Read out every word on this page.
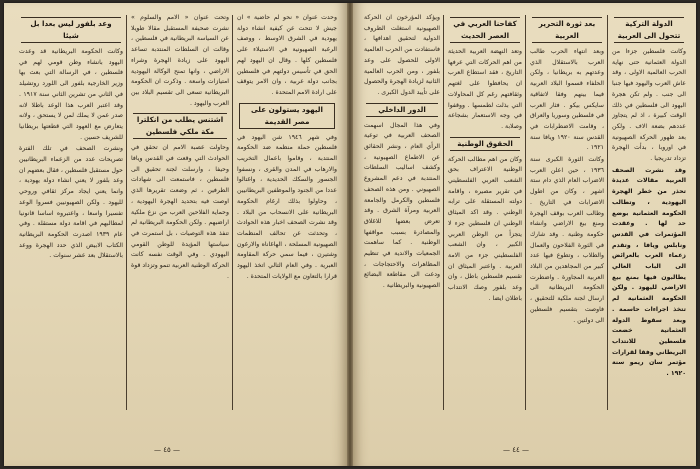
وحدت عنوان « نحو لم حاضية » ان جيش لا تتحت عن كيفية انشاء دولة يهودية في الشرق الاوسط ، ووصف الرغبة الصهيونية في الاستيلاء على فلسطين كلها . وقال ان اليهود لهم الحق في تأسيس دولتهم في فلسطين بجانب دولة عربية ، وان الامر يتوقف على ارادة الامم المتحدة .

اليهود يستولون على مصر القديمة

وفي شهر ١٩٤٦ شن اليهود في فلسطين حملة منظمة ضد الحكومة المنتدبة ، وقاموا باعمال التخريب والارهاب في المدن والقرى ، ونسفوا الجسور والسكك الحديدية ، واغتالوا عددا من الجنود والموظفين البريطانيين ، وحاولوا بذلك ارغام الحكومة البريطانية على الانسحاب من البلاد . وقد نشرت الصحف اخبار هذه الحوادث ، وتحدثت عن تحالف المنظمات الصهيونية المسلحة ، الهاغاناه والارغون وشتيرن ، فيما سمي حركة المقاومة العبرية . وفي العام التالي اتخذ اليهود قرارا بالتعاون مع الولايات المتحدة .

وتحت عنوان « الامم والسلوم » نشرت صحيفة المستقبل مقالا طويلا عن السياسة البريطانية في فلسطين ، وقالت ان السلطات المنتدبة تساعد اليهود على زيادة الهجرة وشراء الاراضي ، وانها تمنح الوكالة اليهودية امتيازات واسعة . وذكرت ان الحكومة البريطانية تسعى الى تقسيم البلاد بين العرب واليهود .

اشتنس يطلب من انكلترا مكة ملكي فلسطين

وحاولت عصبة الامم ان تحقق في الحوادث التي وقعت في القدس ويافا وحيفا ، وارسلت لجنة تحقيق الى فلسطين ، فاستمعت الى شهادات الطرفين ، ثم وضعت تقريرها الذي اوصت فيه بتحديد الهجرة اليهودية ، وحماية الفلاحين العرب من نزع ملكية اراضيهم . ولكن الحكومة البريطانية لم تنفذ هذه التوصيات ، بل استمرت في سياستها المؤيدة للوطن القومي اليهودي . وفي الوقت نفسه كانت الحركة الوطنية العربية تنمو وتزداد قوة .

وعد بلفور ليس بعدا بل شيئا

وكانت الحكومة البريطانية قد وعدت اليهود بانشاء وطن قومي لهم في فلسطين ، في الرسالة التي بعث بها وزير الخارجية بلفور الى اللورد روتشيلد في الثاني من تشرين الثاني سنة ١٩١٧ . وقد اعتبر العرب هذا الوعد باطلا لانه صدر عمن لا يملك لمن لا يستحق ، ولانه يتعارض مع العهود التي قطعتها بريطانيا للشريف حسين .

ونشرت الصحف في تلك الفترة تصريحات عدد من الزعماء البريطانيين حول مستقبل فلسطين ، فقال بعضهم ان وعد بلفور لا يعني انشاء دولة يهودية ، وانما يعني ايجاد مركز ثقافي وروحي لليهود . ولكن الصهيونيين فسروا الوعد تفسيرا واسعا ، واعتبروه اساسا قانونيا لمطالبهم في اقامة دولة مستقلة . وفي عام ١٩٣٩ اصدرت الحكومة البريطانية الكتاب الابيض الذي حدد الهجرة ووعد بالاستقلال بعد عشر سنوات .

— ٤٥ —
الدولة التركية تتحول الى العربية

وكانت فلسطين جزءا من الدولة العثمانية حتى نهاية الحرب العالمية الاولى ، وقد عاش العرب واليهود فيها جنبا الى جنب . ولم تكن هجرة اليهود الى فلسطين في ذلك الوقت كبيرة ، اذ لم يتجاوز عددهم بضعة الاف . ولكن بعد ظهور الحركة الصهيونية في اوروبا ، بدأت الهجرة تزداد تدريجيا .

وقد نشرت الصحف العربية مقالات عديدة تحذر من خطر الهجرة اليهودية ، وتطالب الحكومة العثمانية بوضع حد لها . وعقدت المؤتمرات في القدس ونابلس ويافا ، وتقدم زعماء العرب بالعرائض الى الباب العالي يطالبون فيها بمنع بيع الاراضي لليهود . ولكن الحكومة العثمانية لم تتخذ اجراءات حاسمة . وبعد سقوط الدولة العثمانية خضعت فلسطين للانتداب البريطاني وفقا لقرارات مؤتمر سان ريمو سنة ١٩٢٠ .

بعد ثورة التحرير العربية

وبعد انتهاء الحرب طالب العرب بالاستقلال الذي وعدتهم به بريطانيا ، ولكن الحلفاء قسموا البلاد العربية فيما بينهم وفقا لاتفاقية سايكس بيكو . فثار العرب في فلسطين وسوريا والعراق ، وقامت الاضطرابات في القدس سنة ١٩٢٠ ويافا سنة ١٩٢١ .

وكانت الثورة الكبرى سنة ١٩٣٦ ، حين اعلن العرب الاضراب العام الذي دام ستة اشهر ، وكان من اطول الاضرابات في التاريخ . وطالب العرب بوقف الهجرة ومنع بيع الاراضي وانشاء حكومة وطنية . وقد شارك في الثورة الفلاحون والعمال والطلاب ، وتطوع فيها عدد كبير من المجاهدين من البلاد العربية المجاورة . واضطرت الحكومة البريطانية الى ارسال لجنة ملكية للتحقيق ، فاوصت بتقسيم فلسطين الى دولتين .

كفاحنا العربي في العصر الحديث

وتعد النهضة العربية الحديثة من اهم الحركات التي عرفها التاريخ ، فقد استطاع العرب ان يحافظوا على لغتهم وثقافتهم رغم كل المحاولات التي بذلت لطمسها . ووقفوا في وجه الاستعمار بشجاعة وصلابة .

الحقوق الوطنية

وكان من اهم مطالب الحركة الوطنية الاعتراف بحق الشعب العربي الفلسطيني في تقرير مصيره ، واقامة دولته المستقلة على ترابه الوطني . وقد اكد الميثاق الوطني ان فلسطين جزء لا يتجزأ من الوطن العربي الكبير ، وان الشعب الفلسطيني جزء من الامة العربية . واعتبر الميثاق ان تقسيم فلسطين باطل ، وان وعد بلفور وصك الانتداب باطلان ايضا .

ويؤكد المؤرخون ان الحركة الصهيونية استغلت الظروف الدولية لتحقيق اهدافها ، فاستفادت من الحرب العالمية الاولى للحصول على وعد بلفور ، ومن الحرب العالمية الثانية لزيادة الهجرة والحصول على تأييد الدول الكبرى .

الدور الداخلي

وفي هذا المجال اسهمت الصحف العربية في توعية الرأي العام ، ونشر الحقائق عن الاطماع الصهيونية ، وكشف اساليب السلطات المنتدبة في دعم المشروع الصهيوني . ومن هذه الصحف فلسطين والكرمل والجامعة العربية ومرآة الشرق . وقد تعرض بعضها للاغلاق والمصادرة بسبب مواقفها الوطنية . كما ساهمت الجمعيات والاندية في تنظيم المظاهرات والاحتجاجات ، ودعت الى مقاطعة البضائع الصهيونية والبريطانية .

— ٤٤ —
